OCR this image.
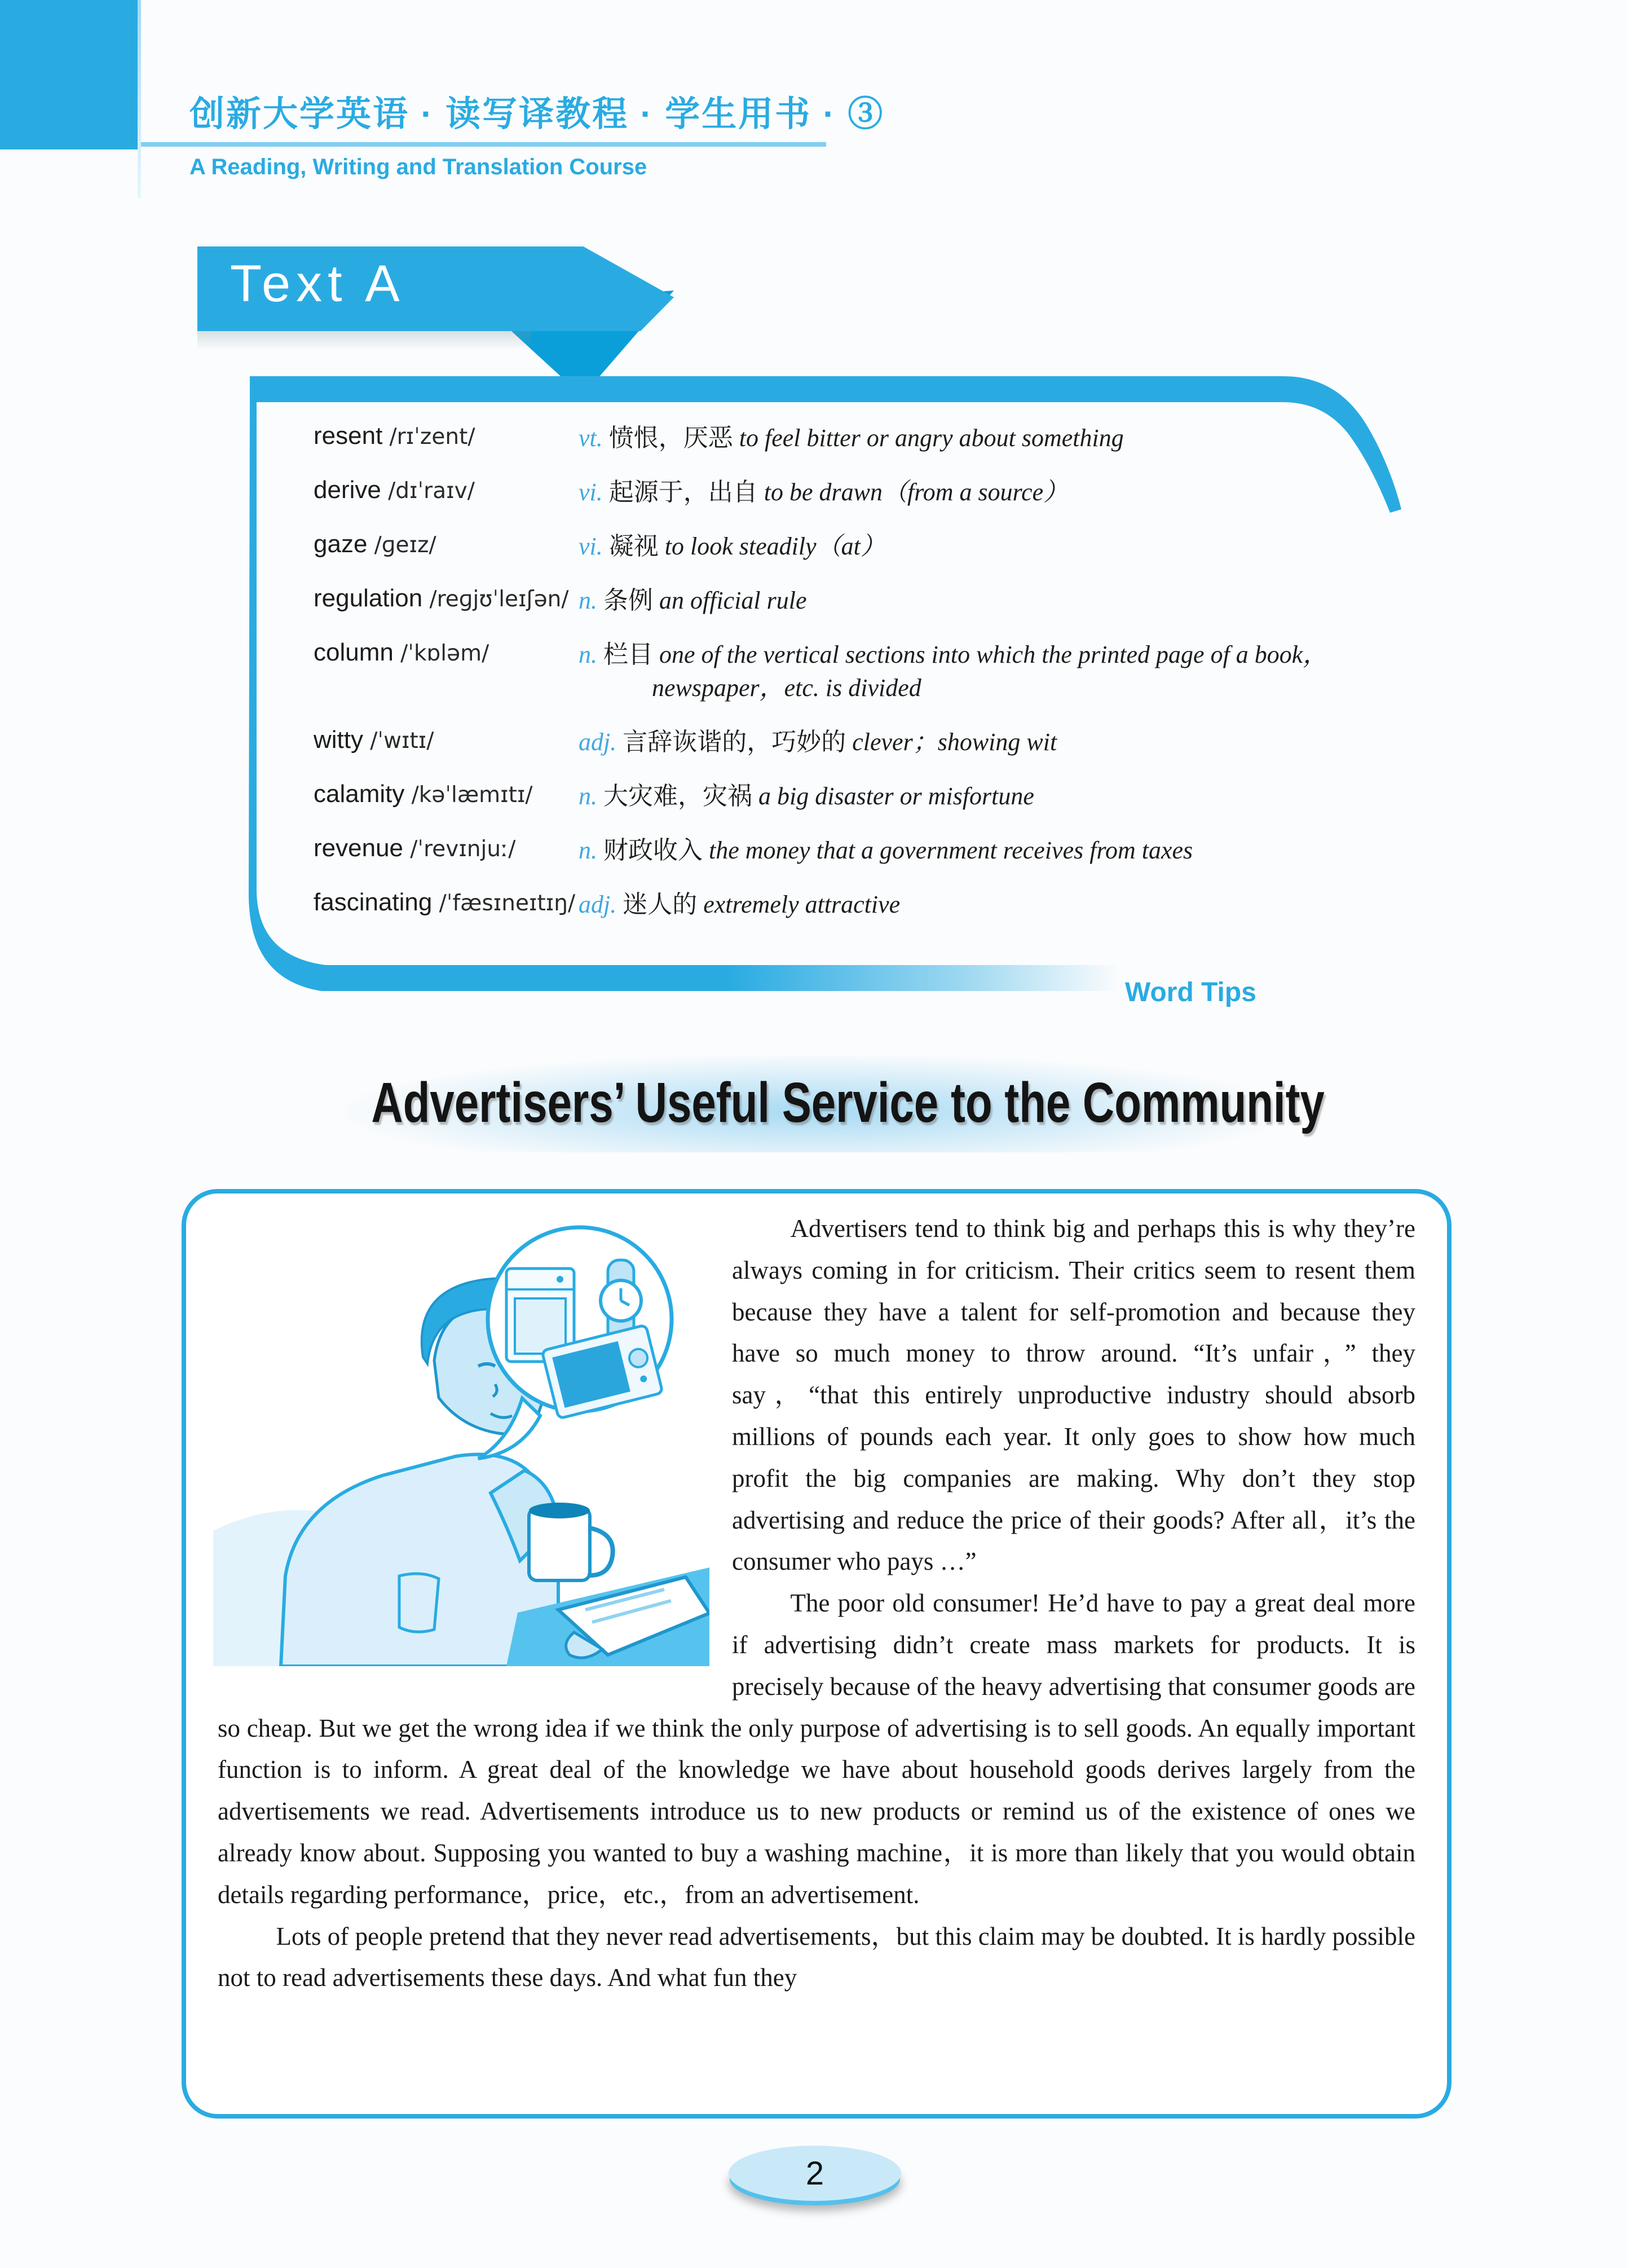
创新大学英语 · 读写译教程 · 学生用书 · ③
A Reading, Writing and Translation Course
Text A
resent /rɪˈzent/	vt. 愤恨，厌恶 to feel bitter or angry about something
derive /dɪˈraɪv/	vi. 起源于，出自 to be drawn（from a source）
gaze /ɡeɪz/	vi. 凝视 to look steadily（at）
regulation /reɡjʊˈleɪʃən/ n. 条例 an official rule
column /ˈkɒləm/	n. 栏目 one of the vertical sections into which the printed page of a book，newspaper，etc. is divided
witty /ˈwɪtɪ/	adj. 言辞诙谐的，巧妙的 clever；showing wit
calamity /kəˈlæmɪtɪ/	n. 大灾难，灾祸 a big disaster or misfortune
revenue /ˈrevɪnjuː/	n. 财政收入 the money that a government receives from taxes
fascinating /ˈfæsɪneɪtɪŋ/ adj. 迷人的 extremely attractive
Word Tips
Advertisers’ Useful Service to the Community

Advertisers tend to think big and perhaps this is why they’re always coming in for criticism. Their critics seem to resent them because they have a talent for self-promotion and because they have so much money to throw around. “It’s unfair，” they say，“that this entirely unproductive industry should absorb millions of pounds each year. It only goes to show how much profit the big companies are making. Why don’t they stop advertising and reduce the price of their goods? After all，it’s the consumer who pays …”

The poor old consumer! He’d have to pay a great deal more if advertising didn’t create mass markets for products. It is precisely because of the heavy advertising that consumer goods are so cheap. But we get the wrong idea if we think the only purpose of advertising is to sell goods. An equally important function is to inform. A great deal of the knowledge we have about household goods derives largely from the advertisements we read. Advertisements introduce us to new products or remind us of the existence of ones we already know about. Supposing you wanted to buy a washing machine，it is more than likely that you would obtain details regarding performance，price，etc.，from an advertisement.

Lots of people pretend that they never read advertisements，but this claim may be doubted. It is hardly possible not to read advertisements these days. And what fun they

2
